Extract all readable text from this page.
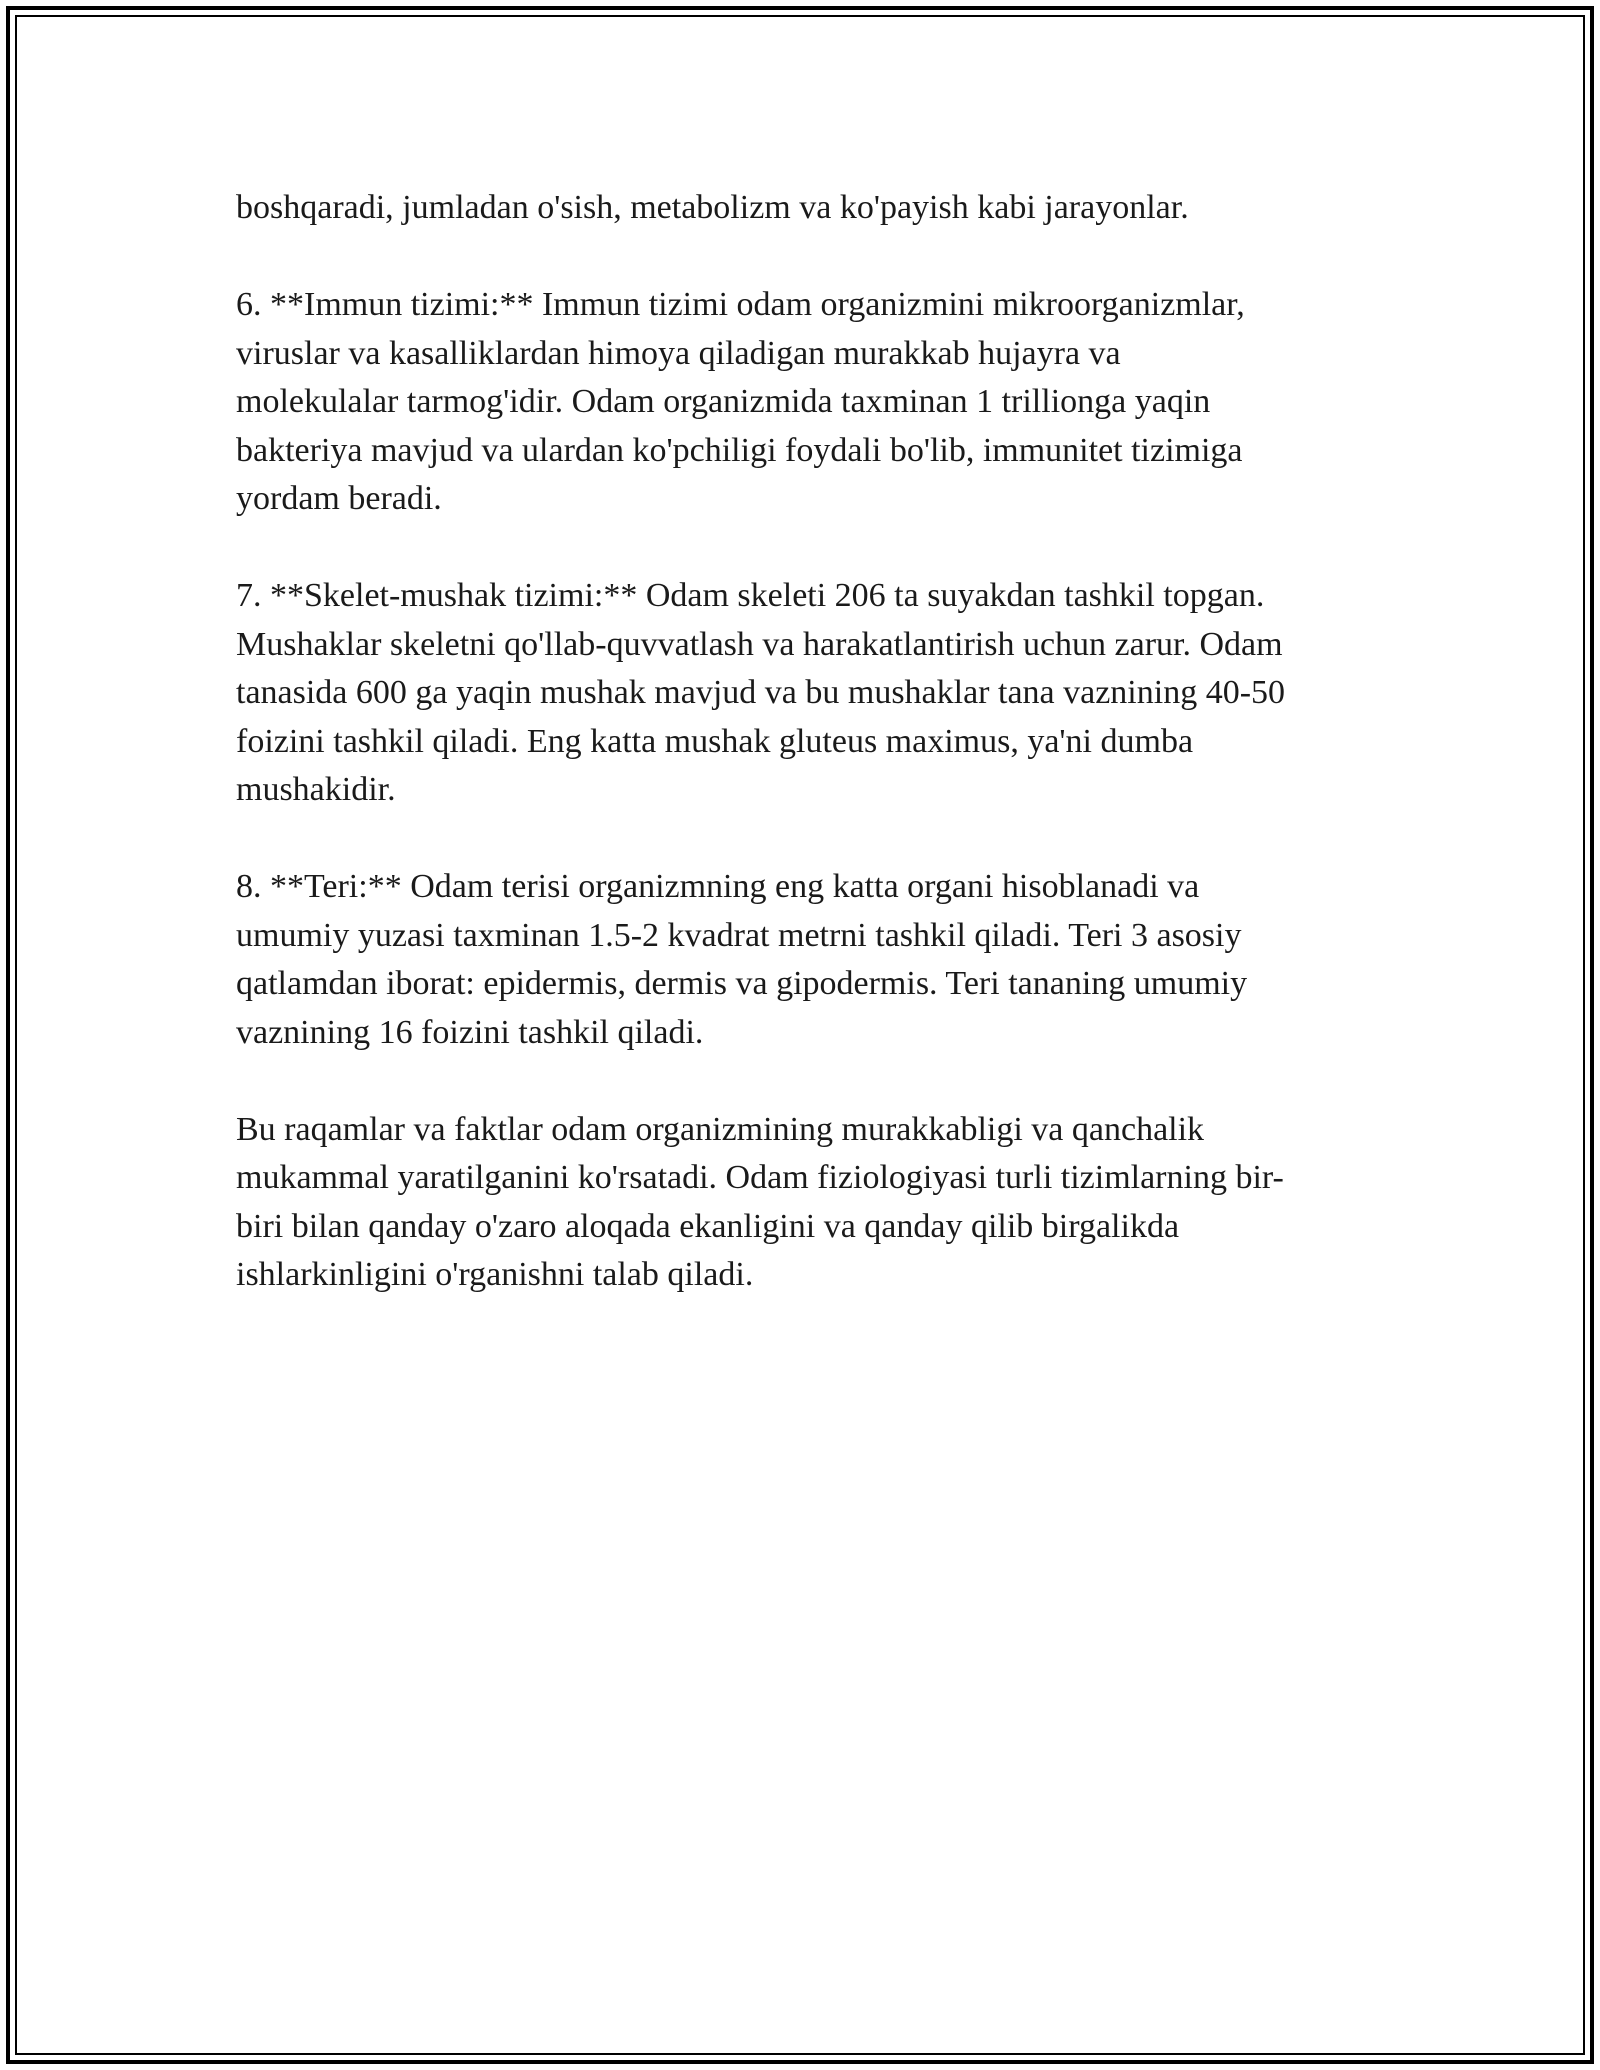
boshqaradi, jumladan o'sish, metabolizm va ko'payish kabi jarayonlar.

6. **Immun tizimi:** Immun tizimi odam organizmini mikroorganizmlar,
viruslar va kasalliklardan himoya qiladigan murakkab hujayra va
molekulalar tarmog'idir. Odam organizmida taxminan 1 trillionga yaqin
bakteriya mavjud va ulardan ko'pchiligi foydali bo'lib, immunitet tizimiga
yordam beradi.

7. **Skelet-mushak tizimi:** Odam skeleti 206 ta suyakdan tashkil topgan.
Mushaklar skeletni qo'llab-quvvatlash va harakatlantirish uchun zarur. Odam
tanasida 600 ga yaqin mushak mavjud va bu mushaklar tana vaznining 40-50
foizini tashkil qiladi. Eng katta mushak gluteus maximus, ya'ni dumba
mushakidir.

8. **Teri:** Odam terisi organizmning eng katta organi hisoblanadi va
umumiy yuzasi taxminan 1.5-2 kvadrat metrni tashkil qiladi. Teri 3 asosiy
qatlamdan iborat: epidermis, dermis va gipodermis. Teri tananing umumiy
vaznining 16 foizini tashkil qiladi.

Bu raqamlar va faktlar odam organizmining murakkabligi va qanchalik
mukammal yaratilganini ko'rsatadi. Odam fiziologiyasi turli tizimlarning bir-
biri bilan qanday o'zaro aloqada ekanligini va qanday qilib birgalikda
ishlarkinligini o'rganishni talab qiladi.
